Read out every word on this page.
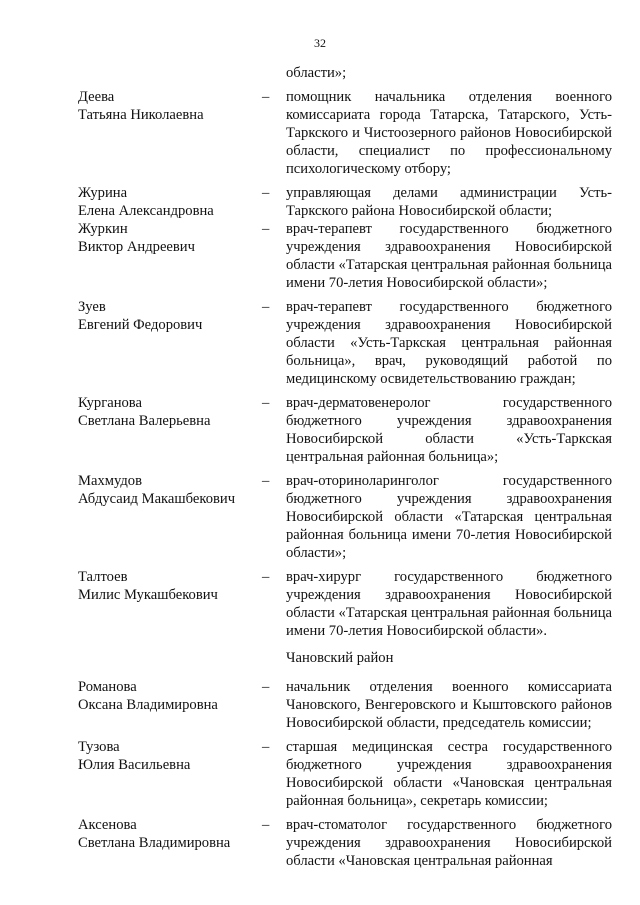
32
области»;
Деева
Татьяна Николаевна
–	помощник начальника отделения военного комиссариата города Татарска, Татарского, Усть-Таркского и Чистоозерного районов Новосибирской области, специалист по профессиональному психологическому отбору;
Журина
Елена Александровна
–	управляющая делами администрации Усть-Таркского района Новосибирской области;
Журкин
Виктор Андреевич
–	врач-терапевт государственного бюджетного учреждения здравоохранения Новосибирской области «Татарская центральная районная больница имени 70-летия Новосибирской области»;
Зуев
Евгений Федорович
–	врач-терапевт государственного бюджетного учреждения здравоохранения Новосибирской области «Усть-Таркская центральная районная больница», врач, руководящий работой по медицинскому освидетельствованию граждан;
Курганова
Светлана Валерьевна
–	врач-дерматовенеролог государственного бюджетного учреждения здравоохранения Новосибирской области «Усть-Таркская центральная районная больница»;
Махмудов
Абдусаид Макашбекович
–	врач-оториноларинголог государственного бюджетного учреждения здравоохранения Новосибирской области «Татарская центральная районная больница имени 70-летия Новосибирской области»;
Талтоев
Милис Мукашбекович
–	врач-хирург государственного бюджетного учреждения здравоохранения Новосибирской области «Татарская центральная районная больница имени 70-летия Новосибирской области».
Чановский район
Романова
Оксана Владимировна
–	начальник отделения военного комиссариата Чановского, Венгеровского и Кыштовского районов Новосибирской области, председатель комиссии;
Тузова
Юлия Васильевна
–	старшая медицинская сестра государственного бюджетного учреждения здравоохранения Новосибирской области «Чановская центральная районная больница», секретарь комиссии;
Аксенова
Светлана Владимировна
–	врач-стоматолог государственного бюджетного учреждения здравоохранения Новосибирской области «Чановская центральная районная
